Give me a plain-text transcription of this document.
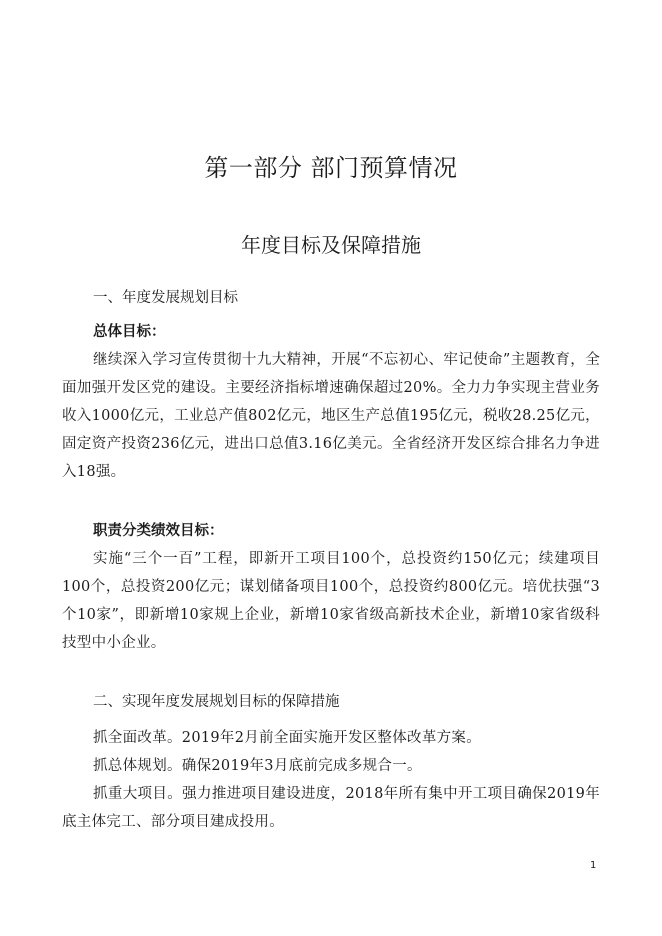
第一部分 部门预算情况
年度目标及保障措施

一、年度发展规划目标

总体目标：

继续深入学习宣传贯彻十九大精神，开展“不忘初心、牢记使命”主题教育，全面加强开发区党的建设。主要经济指标增速确保超过20%。全力力争实现主营业务收入1000亿元，工业总产值802亿元，地区生产总值195亿元，税收28.25亿元，固定资产投资236亿元，进出口总值3.16亿美元。全省经济开发区综合排名力争进入18强。

职责分类绩效目标：

实施“三个一百”工程，即新开工项目100个，总投资约150亿元；续建项目100个，总投资200亿元；谋划储备项目100个，总投资约800亿元。培优扶强“3个10家”，即新增10家规上企业，新增10家省级高新技术企业，新增10家省级科技型中小企业。

二、实现年度发展规划目标的保障措施

抓全面改革。2019年2月前全面实施开发区整体改革方案。

抓总体规划。确保2019年3月底前完成多规合一。

抓重大项目。强力推进项目建设进度，2018年所有集中开工项目确保2019年底主体完工、部分项目建成投用。

1
